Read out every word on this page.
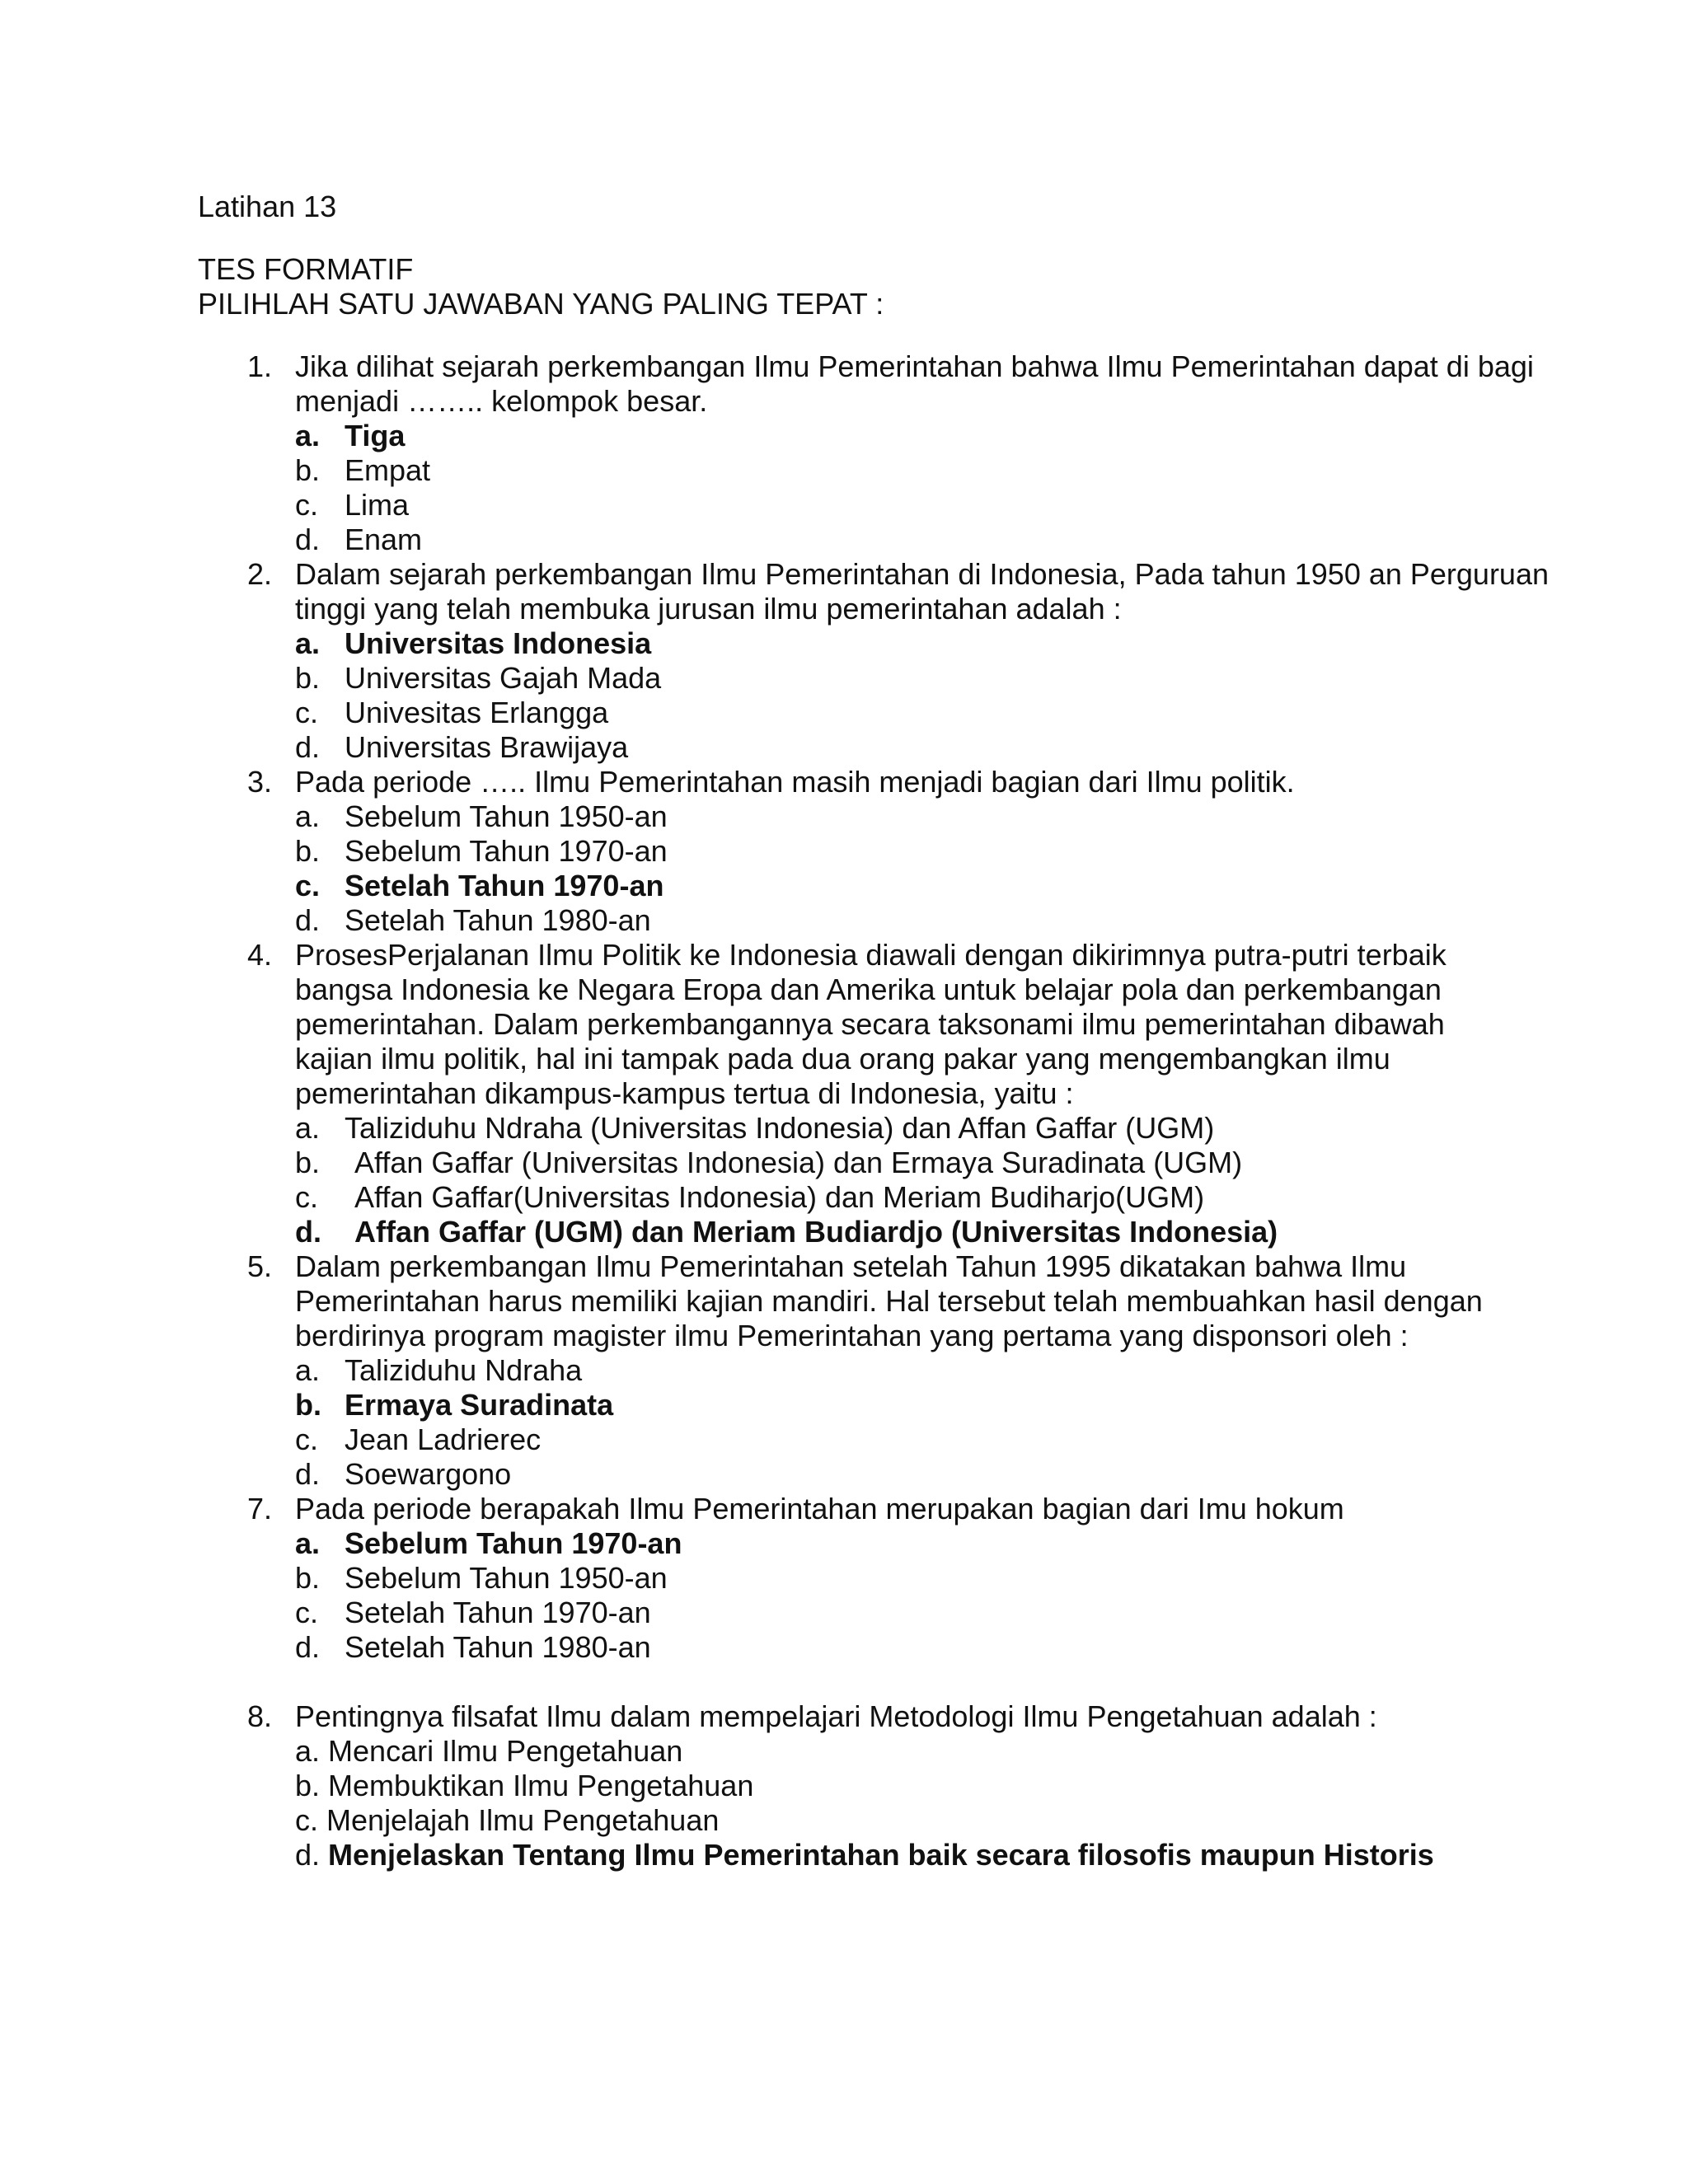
Latihan 13

TES FORMATIF

PILIHLAH SATU JAWABAN YANG PALING TEPAT :

1. Jika dilihat sejarah perkembangan Ilmu Pemerintahan bahwa Ilmu Pemerintahan dapat di bagi menjadi …….. kelompok besar.
a. Tiga
b. Empat
c. Lima
d. Enam
2. Dalam sejarah perkembangan Ilmu Pemerintahan di Indonesia, Pada tahun 1950 an Perguruan tinggi yang telah membuka jurusan ilmu pemerintahan adalah :
a. Universitas Indonesia
b. Universitas Gajah Mada
c. Univesitas Erlangga
d. Universitas Brawijaya
3. Pada periode ….. Ilmu Pemerintahan masih menjadi bagian dari Ilmu politik.
a. Sebelum Tahun 1950-an
b. Sebelum Tahun 1970-an
c. Setelah Tahun 1970-an
d. Setelah Tahun 1980-an
4. ProsesPerjalanan Ilmu Politik ke Indonesia diawali dengan dikirimnya putra-putri terbaik bangsa Indonesia ke Negara Eropa dan Amerika untuk belajar pola dan perkembangan pemerintahan. Dalam perkembangannya secara taksonami ilmu pemerintahan dibawah kajian ilmu politik, hal ini tampak pada dua orang pakar yang mengembangkan ilmu pemerintahan dikampus-kampus tertua di Indonesia, yaitu :
a. Taliziduhu Ndraha (Universitas Indonesia) dan Affan Gaffar (UGM)
b. Affan Gaffar (Universitas Indonesia) dan Ermaya Suradinata (UGM)
c. Affan Gaffar(Universitas Indonesia) dan Meriam Budiharjo(UGM)
d. Affan Gaffar (UGM) dan Meriam Budiardjo (Universitas Indonesia)
5. Dalam perkembangan Ilmu Pemerintahan setelah Tahun 1995 dikatakan bahwa Ilmu Pemerintahan harus memiliki kajian mandiri. Hal tersebut telah membuahkan hasil dengan berdirinya program magister ilmu Pemerintahan yang pertama yang disponsori oleh :
a. Taliziduhu Ndraha
b. Ermaya Suradinata
c. Jean Ladrierec
d. Soewargono
7. Pada periode berapakah Ilmu Pemerintahan merupakan bagian dari Imu hokum
a. Sebelum Tahun 1970-an
b. Sebelum Tahun 1950-an
c. Setelah Tahun 1970-an
d. Setelah Tahun 1980-an
8. Pentingnya filsafat Ilmu dalam mempelajari Metodologi Ilmu Pengetahuan adalah :
a. Mencari Ilmu Pengetahuan
b. Membuktikan Ilmu Pengetahuan
c. Menjelajah Ilmu Pengetahuan
d. Menjelaskan Tentang Ilmu Pemerintahan baik secara filosofis maupun Historis
